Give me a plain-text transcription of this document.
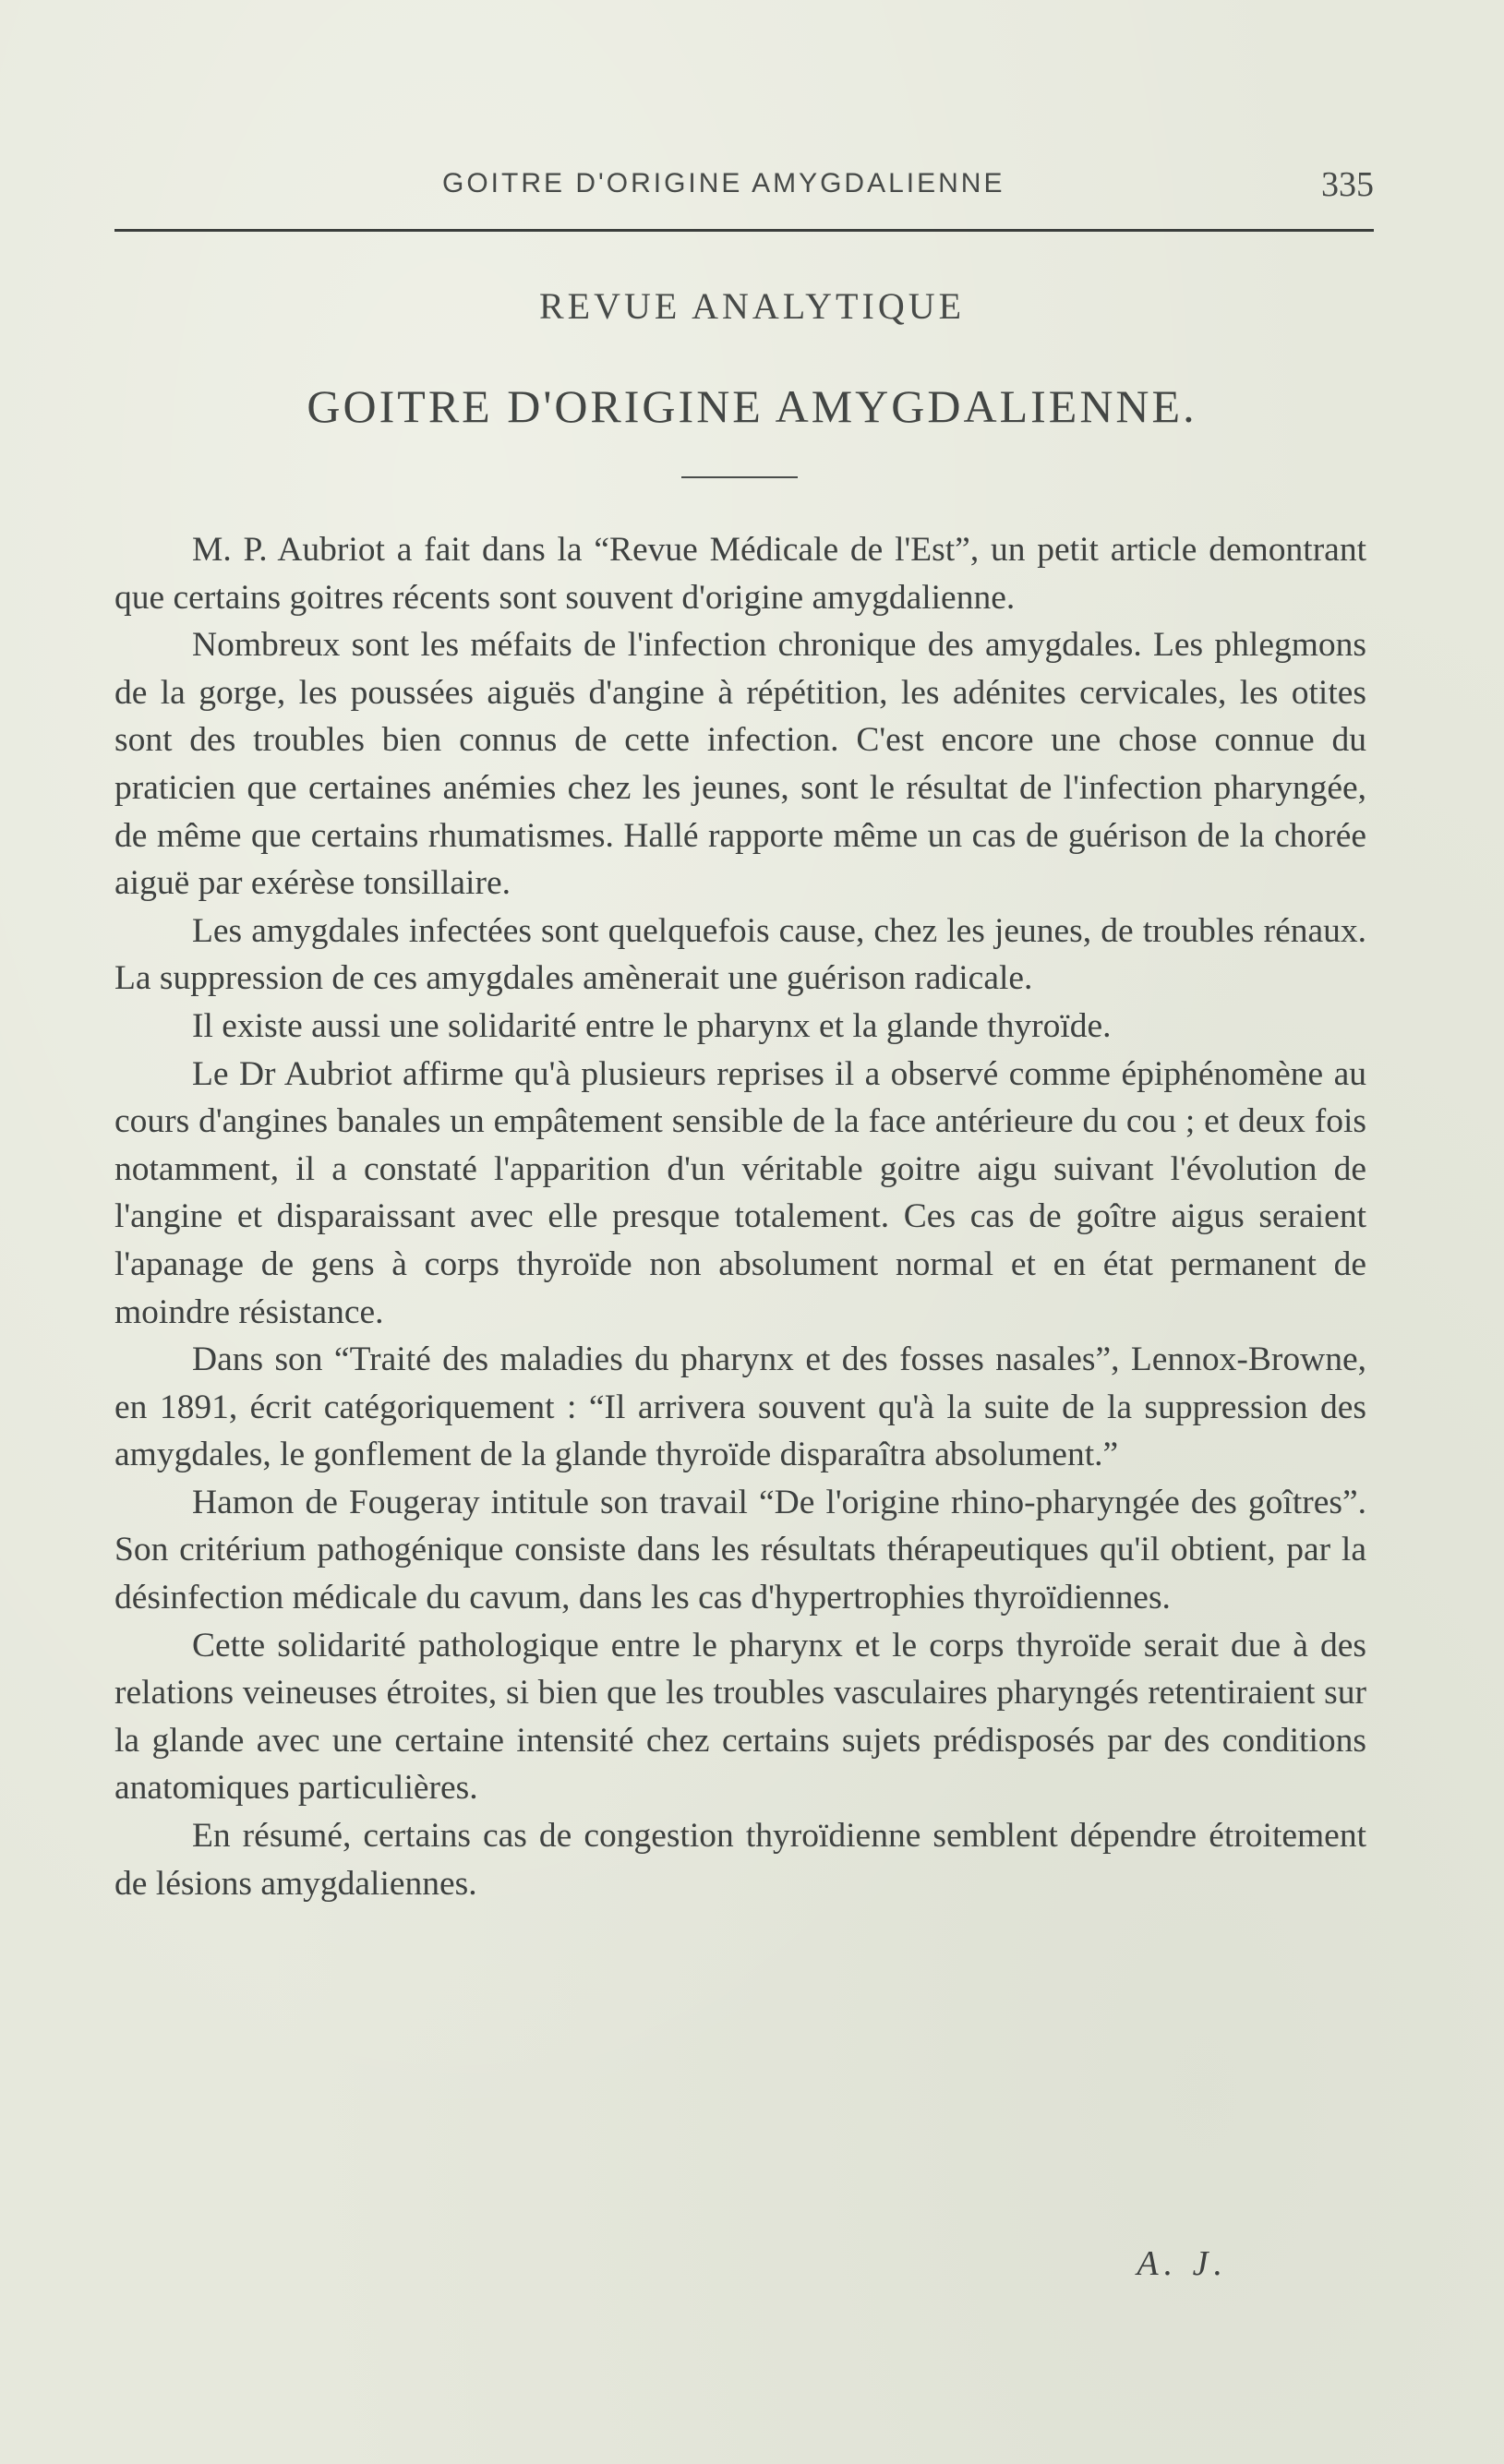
GOITRE D'ORIGINE AMYGDALIENNE	335
REVUE ANALYTIQUE
GOITRE D'ORIGINE AMYGDALIENNE.

M. P. Aubriot a fait dans la “Revue Médicale de l'Est”, un petit article demontrant que certains goitres récents sont souvent d'origine amygdalienne.

Nombreux sont les méfaits de l'infection chronique des amygdales. Les phlegmons de la gorge, les poussées aiguës d'angine à répétition, les adénites cervicales, les otites sont des troubles bien connus de cette infection. C'est encore une chose connue du praticien que certaines anémies chez les jeunes, sont le résultat de l'infection pharyngée, de même que certains rhumatismes. Hallé rapporte même un cas de guérison de la chorée aiguë par exérèse tonsillaire.

Les amygdales infectées sont quelquefois cause, chez les jeunes, de troubles rénaux. La suppression de ces amygdales amènerait une guérison radicale.

Il existe aussi une solidarité entre le pharynx et la glande thyroïde.

Le Dr Aubriot affirme qu'à plusieurs reprises il a observé comme épiphénomène au cours d'angines banales un empâtement sensible de la face antérieure du cou ; et deux fois notamment, il a constaté l'apparition d'un véritable goitre aigu suivant l'évolution de l'angine et disparaissant avec elle presque totalement. Ces cas de goître aigus seraient l'apanage de gens à corps thyroïde non absolument normal et en état permanent de moindre résistance.

Dans son “Traité des maladies du pharynx et des fosses nasales”, Lennox-Browne, en 1891, écrit catégoriquement : “Il arrivera souvent qu'à la suite de la suppression des amygdales, le gonflement de la glande thyroïde disparaîtra absolument.”

Hamon de Fougeray intitule son travail “De l'origine rhino-pharyngée des goîtres”. Son critérium pathogénique consiste dans les résultats thérapeutiques qu'il obtient, par la désinfection médicale du cavum, dans les cas d'hypertrophies thyroïdiennes.

Cette solidarité pathologique entre le pharynx et le corps thyroïde serait due à des relations veineuses étroites, si bien que les troubles vasculaires pharyngés retentiraient sur la glande avec une certaine intensité chez certains sujets prédisposés par des conditions anatomiques particulières.

En résumé, certains cas de congestion thyroïdienne semblent dépendre étroitement de lésions amygdaliennes.

A. J.
